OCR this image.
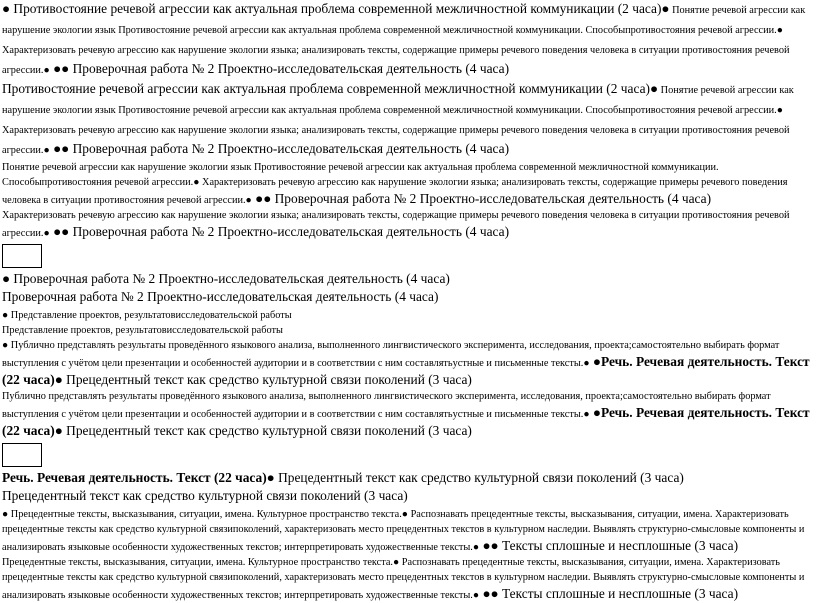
● Противостояние речевой агрессии как актуальная проблема современной межличностной коммуникации (2 часа)● Понятие речевой агрессии как нарушение экологии язык Противостояние речевой агрессии как актуальная проблема современной межличностной коммуникации. Способыпротивостояния речевой агрессии.● Характеризовать речевую агрессию как нарушение экологии языка; анализировать тексты, содержащие примеры речевого поведения человека в ситуации противостояния речевой агрессии.● ●● Проверочная работа № 2 Проектно-исследовательская деятельность (4 часа)

Противостояние речевой агрессии как актуальная проблема современной межличностной коммуникации (2 часа)● Понятие речевой агрессии как нарушение экологии язык Противостояние речевой агрессии как актуальная проблема современной межличностной коммуникации. Способыпротивостояния речевой агрессии.● Характеризовать речевую агрессию как нарушение экологии языка; анализировать тексты, содержащие примеры речевого поведения человека в ситуации противостояния речевой агрессии.● ●● Проверочная работа № 2 Проектно-исследовательская деятельность (4 часа)

Понятие речевой агрессии как нарушение экологии язык Противостояние речевой агрессии как актуальная проблема современной межличностной коммуникации. Способыпротивостояния речевой агрессии.● Характеризовать речевую агрессию как нарушение экологии языка; анализировать тексты, содержащие примеры речевого поведения человека в ситуации противостояния речевой агрессии.● ●● Проверочная работа № 2 Проектно-исследовательская деятельность (4 часа)

Характеризовать речевую агрессию как нарушение экологии языка; анализировать тексты, содержащие примеры речевого поведения человека в ситуации противостояния речевой агрессии.● ●● Проверочная работа № 2 Проектно-исследовательская деятельность (4 часа)

● Проверочная работа № 2 Проектно-исследовательская деятельность (4 часа)

Проверочная работа № 2 Проектно-исследовательская деятельность (4 часа)

● Представление проектов, результатовисследовательской работы

Представление проектов, результатовисследовательской работы

● Публично представлять результаты проведённого языкового анализа, выполненного лингвистического эксперимента, исследования, проекта;самостоятельно выбирать формат выступления с учётом цели презентации и особенностей аудитории и в соответствии с ним составлятьустные и письменные тексты.● ●Речь. Речевая деятельность. Текст (22 часа)● Прецедентный текст как средство культурной связи поколений (3 часа)

Публично представлять результаты проведённого языкового анализа, выполненного лингвистического эксперимента, исследования, проекта;самостоятельно выбирать формат выступления с учётом цели презентации и особенностей аудитории и в соответствии с ним составлятьустные и письменные тексты.● ●Речь. Речевая деятельность. Текст (22 часа)● Прецедентный текст как средство культурной связи поколений (3 часа)

Речь. Речевая деятельность. Текст (22 часа)● Прецедентный текст как средство культурной связи поколений (3 часа)

Прецедентный текст как средство культурной связи поколений (3 часа)

● Прецедентные тексты, высказывания, ситуации, имена. Культурное пространство текста.● Распознавать прецедентные тексты, высказывания, ситуации, имена. Характеризовать прецедентные тексты как средство культурной связипоколений, характеризовать место прецедентных текстов в культурном наследии. Выявлять структурно-смысловые компоненты и анализировать языковые особенности художественных текстов; интерпретировать художественные тексты.● ●● Тексты сплошные и несплошные (3 часа)

Прецедентные тексты, высказывания, ситуации, имена. Культурное пространство текста.● Распознавать прецедентные тексты, высказывания, ситуации, имена. Характеризовать прецедентные тексты как средство культурной связипоколений, характеризовать место прецедентных текстов в культурном наследии. Выявлять структурно-смысловые компоненты и анализировать языковые особенности художественных текстов; интерпретировать художественные тексты.● ●● Тексты сплошные и несплошные (3 часа)
